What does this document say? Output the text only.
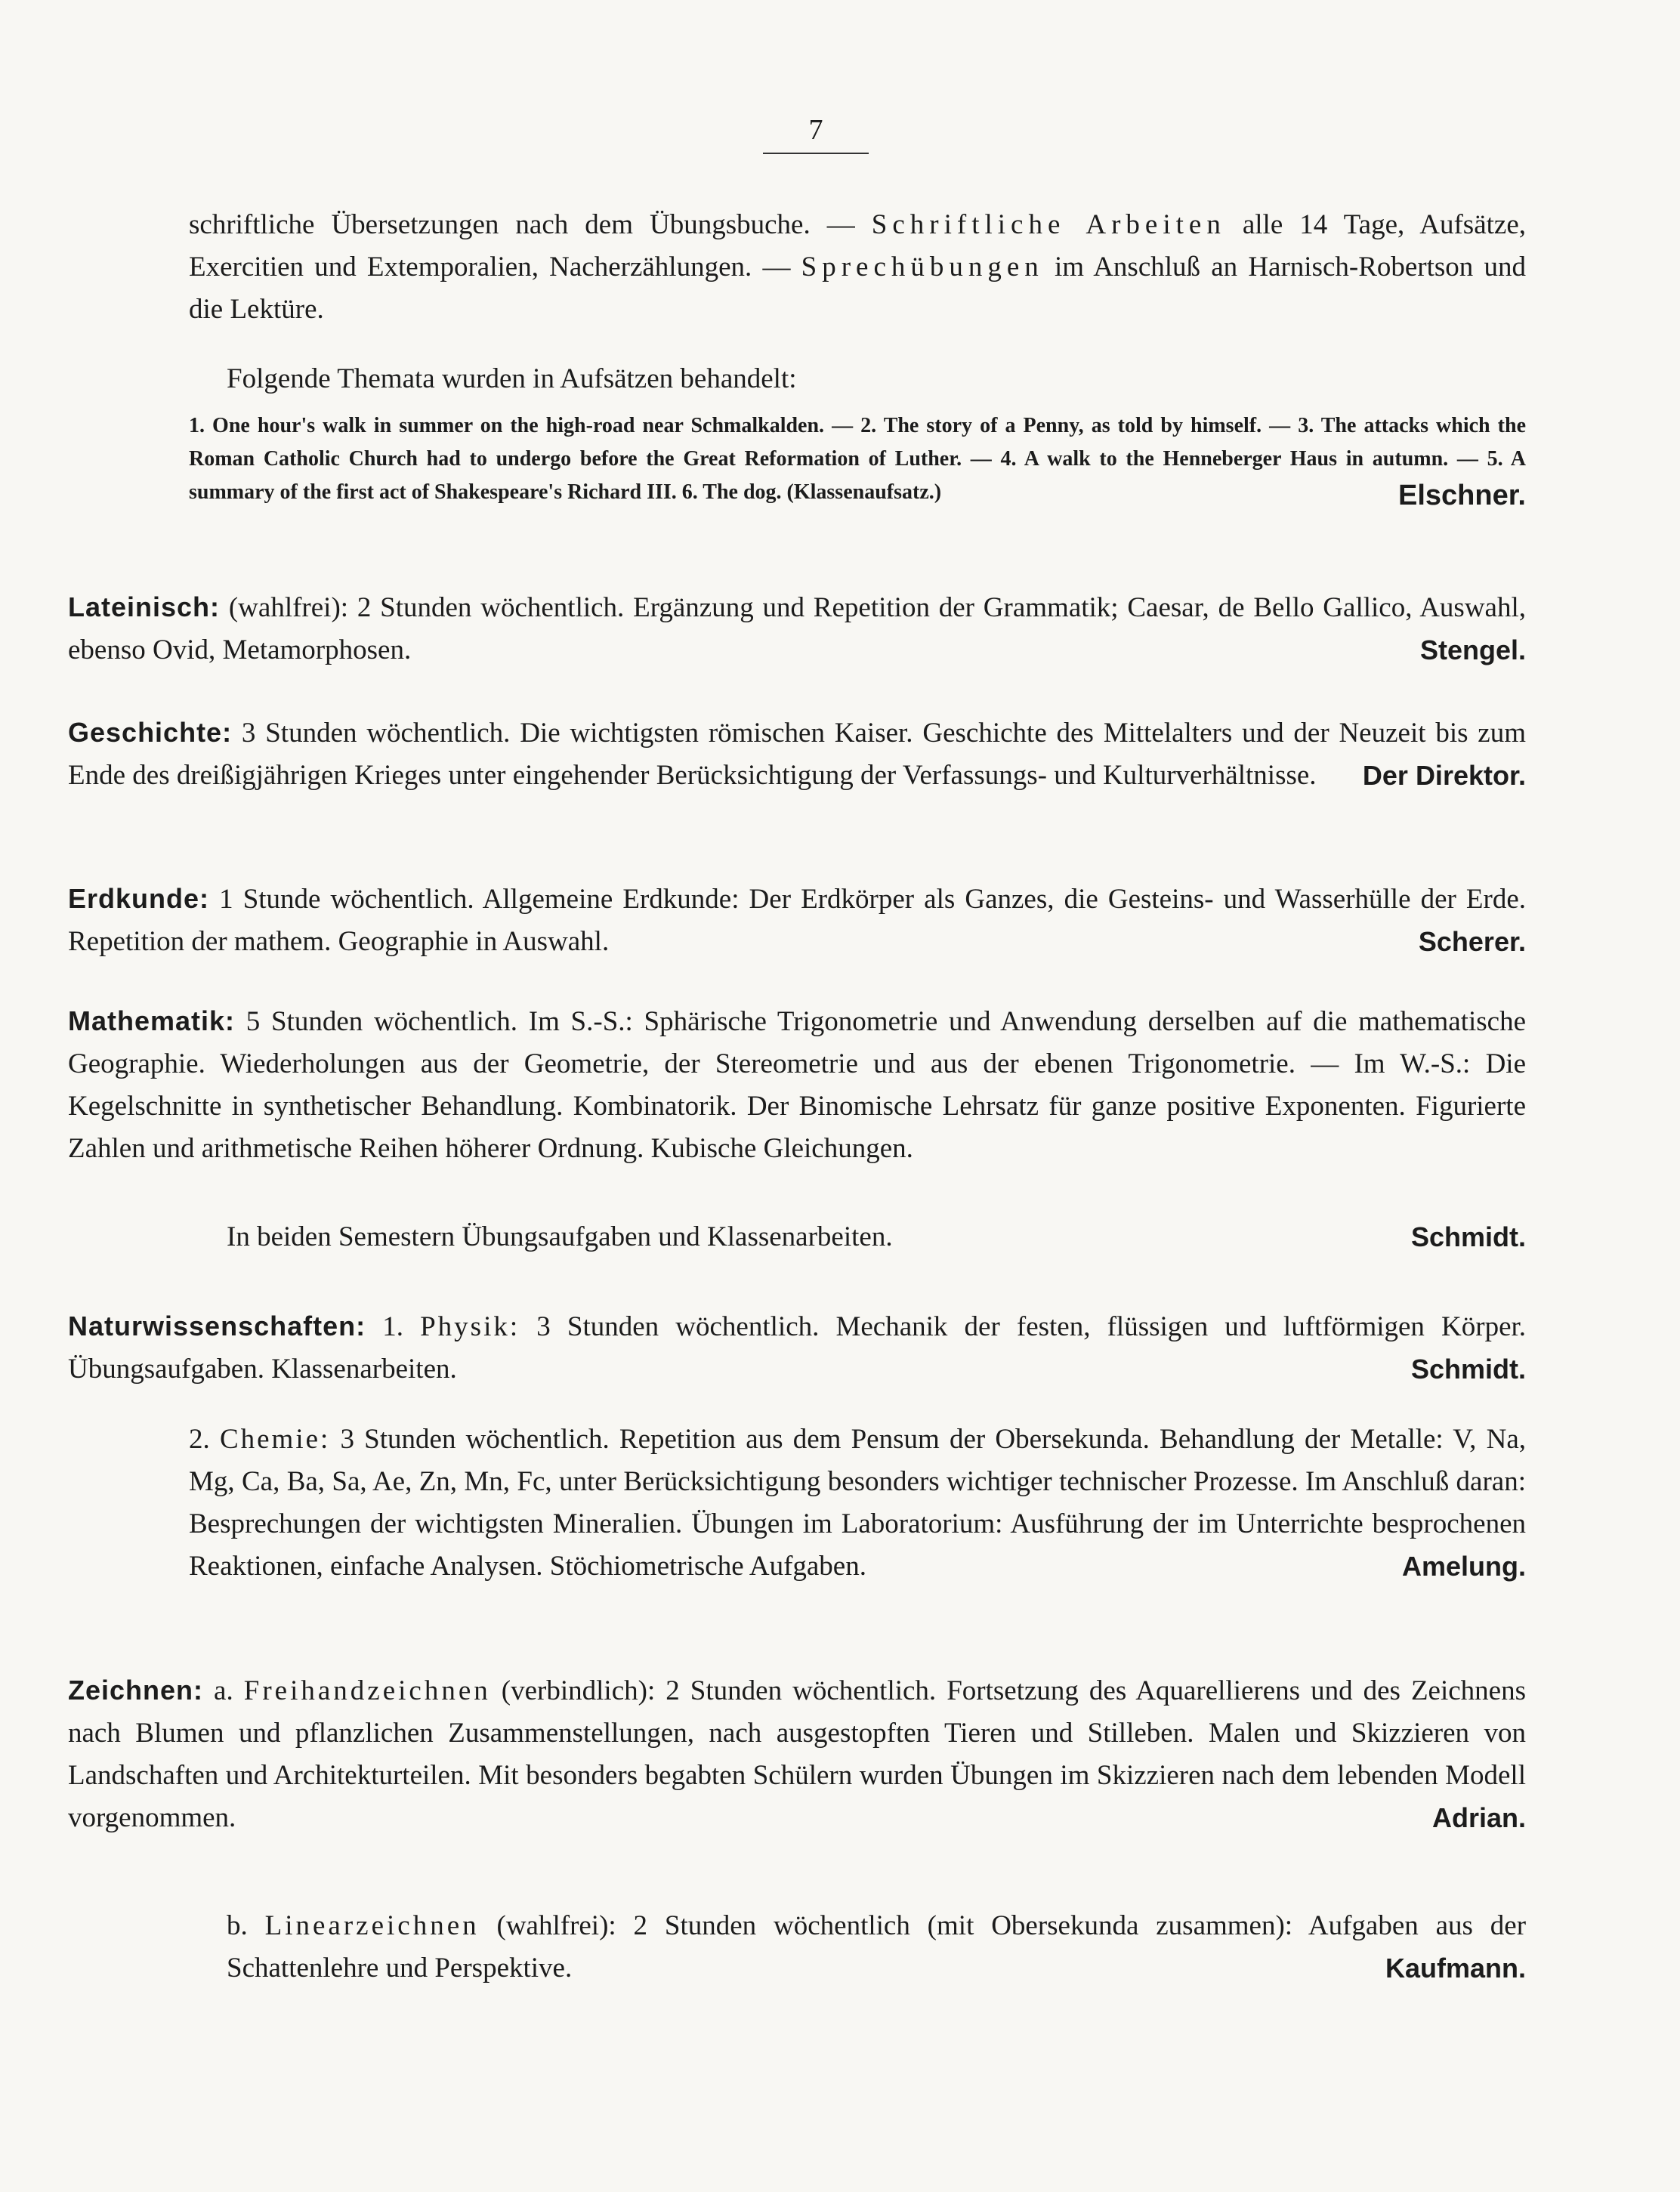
7
schriftliche Übersetzungen nach dem Übungsbuche. — Schriftliche Arbeiten alle 14 Tage, Aufsätze, Exercitien und Extemporalien, Nacherzählungen. — Sprechübungen im Anschluß an Harnisch-Robertson und die Lektüre.
Folgende Themata wurden in Aufsätzen behandelt:
1. One hour's walk in summer on the high-road near Schmalkalden. — 2. The story of a Penny, as told by himself. — 3. The attacks which the Roman Catholic Church had to undergo before the Great Reformation of Luther. — 4. A walk to the Henneberger Haus in autumn. — 5. A summary of the first act of Shakespeare's Richard III. 6. The dog. (Klassenaufsatz.)	Elschner.
Lateinisch: (wahlfrei): 2 Stunden wöchentlich. Ergänzung und Repetition der Grammatik; Caesar, de Bello Gallico, Auswahl, ebenso Ovid, Metamorphosen.	Stengel.
Geschichte: 3 Stunden wöchentlich. Die wichtigsten römischen Kaiser. Geschichte des Mittelalters und der Neuzeit bis zum Ende des dreißigjährigen Krieges unter eingehender Berücksichtigung der Verfassungs- und Kulturverhältnisse. Der Direktor.
Erdkunde: 1 Stunde wöchentlich. Allgemeine Erdkunde: Der Erdkörper als Ganzes, die Gesteins- und Wasserhülle der Erde. Repetition der mathem. Geographie in Auswahl.	Scherer.
Mathematik: 5 Stunden wöchentlich. Im S.-S.: Sphärische Trigonometrie und Anwendung derselben auf die mathematische Geographie. Wiederholungen aus der Geometrie, der Stereometrie und aus der ebenen Trigonometrie. — Im W.-S.: Die Kegelschnitte in synthetischer Behandlung. Kombinatorik. Der Binomische Lehrsatz für ganze positive Exponenten. Figurierte Zahlen und arithmetische Reihen höherer Ordnung. Kubische Gleichungen.
In beiden Semestern Übungsaufgaben und Klassenarbeiten.	Schmidt.
Naturwissenschaften: 1. Physik: 3 Stunden wöchentlich. Mechanik der festen, flüssigen und luftförmigen Körper. Übungsaufgaben. Klassenarbeiten.	Schmidt.
2. Chemie: 3 Stunden wöchentlich. Repetition aus dem Pensum der Obersekunda. Behandlung der Metalle: V, Na, Mg, Ca, Ba, Sa, Ae, Zn, Mn, Fc, unter Berücksichtigung besonders wichtiger technischer Prozesse. Im Anschluß daran: Besprechungen der wichtigsten Mineralien. Übungen im Laboratorium: Ausführung der im Unterrichte besprochenen Reaktionen, einfache Analysen. Stöchiometrische Aufgaben.	Amelung.
Zeichnen: a. Freihandzeichnen (verbindlich): 2 Stunden wöchentlich. Fortsetzung des Aquarellierens und des Zeichnens nach Blumen und pflanzlichen Zusammenstellungen, nach ausgestopften Tieren und Stilleben. Malen und Skizzieren von Landschaften und Architekturteilen. Mit besonders begabten Schülern wurden Übungen im Skizzieren nach dem lebenden Modell vorgenommen.	Adrian.
b. Linearzeichnen (wahlfrei): 2 Stunden wöchentlich (mit Obersekunda zusammen): Aufgaben aus der Schattenlehre und Perspektive.	Kaufmann.
